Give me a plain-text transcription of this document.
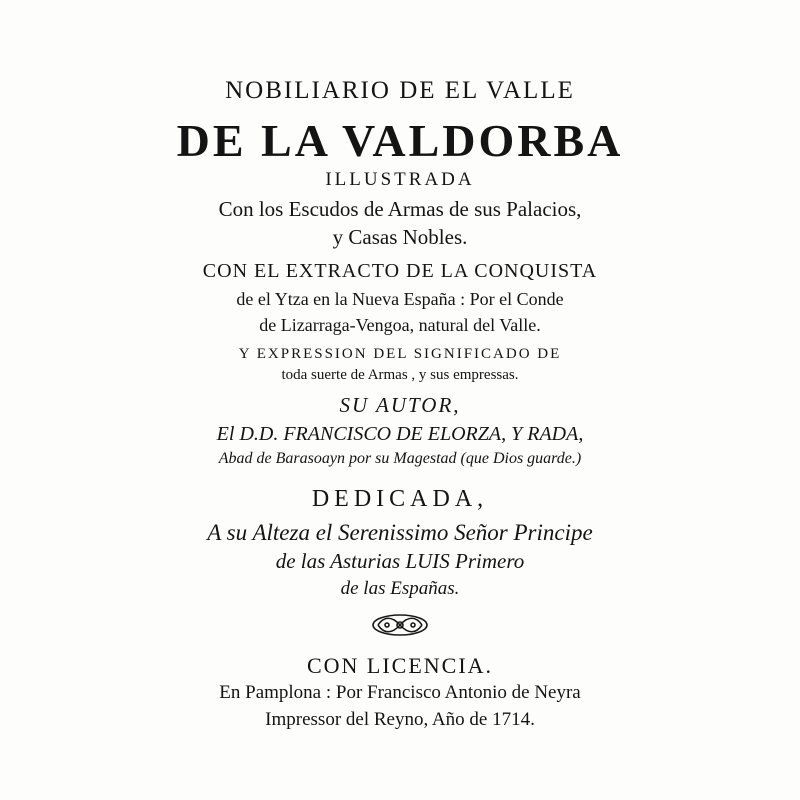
NOBILIARIO DE EL VALLE
DE LA VALDORBA
ILLUSTRADA
Con los Escudos de Armas de sus Palacios,
y Casas Nobles.
CON EL EXTRACTO DE LA CONQUISTA
de el Ytza en la Nueva España : Por el Conde
de Lizarraga-Vengoa, natural del Valle.
Y EXPRESSION DEL SIGNIFICADO DE
toda suerte de Armas , y sus empressas.
SU AUTOR,
El D.D. FRANCISCO DE ELORZA, Y RADA,
Abad de Barasoayn por su Magestad (que Dios guarde.)
DEDICADA,
A su Alteza el Serenissimo Señor Principe
de las Asturias LUIS Primero
de las Españas.
CON LICENCIA.
En Pamplona : Por Francisco Antonio de Neyra
Impressor del Reyno, Año de 1714.
